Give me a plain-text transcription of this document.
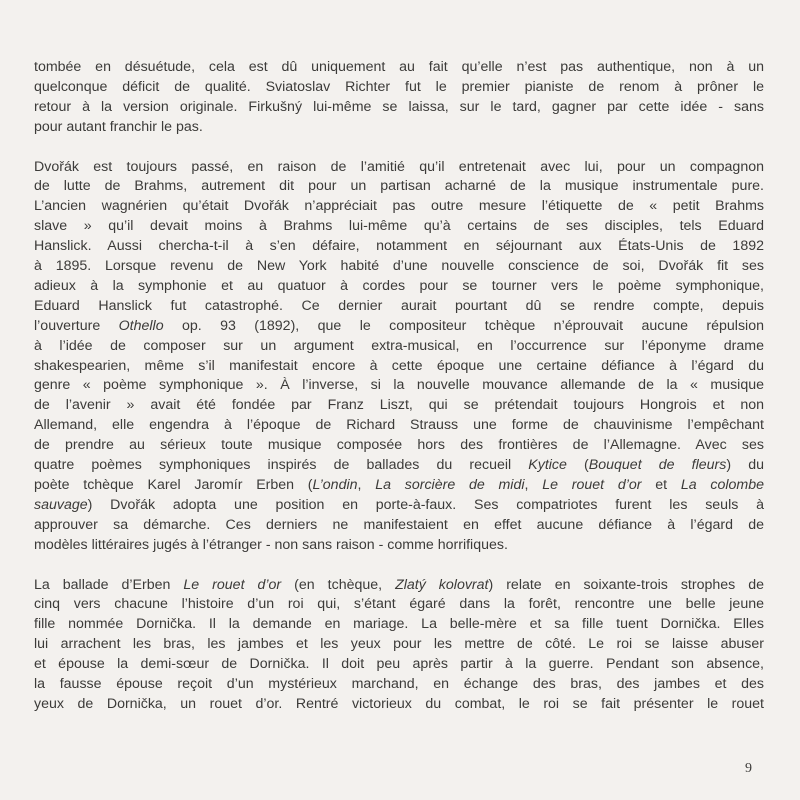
tombée en désuétude, cela est dû uniquement au fait qu’elle n’est pas authentique, non à un
quelconque déficit de qualité. Sviatoslav Richter fut le premier pianiste de renom à prôner le
retour à la version originale. Firkušný lui-même se laissa, sur le tard, gagner par cette idée - sans
pour autant franchir le pas.

Dvořák est toujours passé, en raison de l’amitié qu’il entretenait avec lui, pour un compagnon
de lutte de Brahms, autrement dit pour un partisan acharné de la musique instrumentale pure.
L’ancien wagnérien qu’était Dvořák n’appréciait pas outre mesure l’étiquette de « petit Brahms
slave » qu’il devait moins à Brahms lui-même qu’à certains de ses disciples, tels Eduard
Hanslick. Aussi chercha-t-il à s’en défaire, notamment en séjournant aux États-Unis de 1892
à 1895. Lorsque revenu de New York habité d’une nouvelle conscience de soi, Dvořák fit ses
adieux à la symphonie et au quatuor à cordes pour se tourner vers le poème symphonique,
Eduard Hanslick fut catastrophé. Ce dernier aurait pourtant dû se rendre compte, depuis
l’ouverture Othello op. 93 (1892), que le compositeur tchèque n’éprouvait aucune répulsion
à l’idée de composer sur un argument extra-musical, en l’occurrence sur l’éponyme drame
shakespearien, même s’il manifestait encore à cette époque une certaine défiance à l’égard du
genre « poème symphonique ». À l’inverse, si la nouvelle mouvance allemande de la « musique
de l’avenir » avait été fondée par Franz Liszt, qui se prétendait toujours Hongrois et non
Allemand, elle engendra à l’époque de Richard Strauss une forme de chauvinisme l’empêchant
de prendre au sérieux toute musique composée hors des frontières de l’Allemagne. Avec ses
quatre poèmes symphoniques inspirés de ballades du recueil Kytice (Bouquet de fleurs) du
poète tchèque Karel Jaromír Erben (L’ondin, La sorcière de midi, Le rouet d’or et La colombe
sauvage) Dvořák adopta une position en porte-à-faux. Ses compatriotes furent les seuls à
approuver sa démarche. Ces derniers ne manifestaient en effet aucune défiance à l’égard de
modèles littéraires jugés à l’étranger - non sans raison - comme horrifiques.

La ballade d’Erben Le rouet d’or (en tchèque, Zlatý kolovrat) relate en soixante-trois strophes de
cinq vers chacune l’histoire d’un roi qui, s’étant égaré dans la forêt, rencontre une belle jeune
fille nommée Dornička. Il la demande en mariage. La belle-mère et sa fille tuent Dornička. Elles
lui arrachent les bras, les jambes et les yeux pour les mettre de côté. Le roi se laisse abuser
et épouse la demi-sœur de Dornička. Il doit peu après partir à la guerre. Pendant son absence,
la fausse épouse reçoit d’un mystérieux marchand, en échange des bras, des jambes et des
yeux de Dornička, un rouet d’or. Rentré victorieux du combat, le roi se fait présenter le rouet

9
